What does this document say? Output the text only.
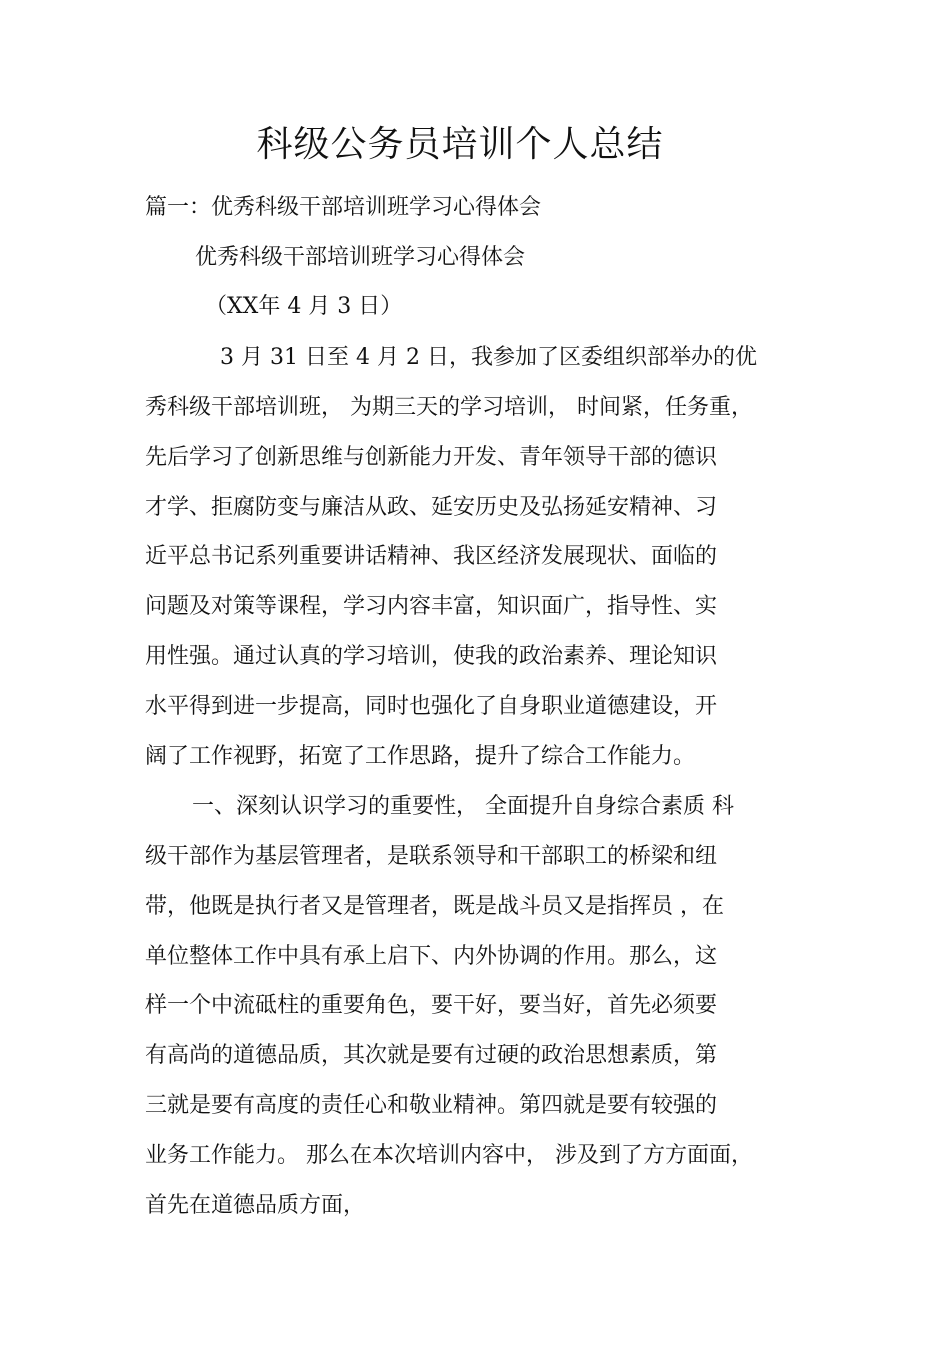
科级公务员培训个人总结
篇一：优秀科级干部培训班学习心得体会
优秀科级干部培训班学习心得体会
（XX年 4 月 3 日）
3 月 31 日至 4 月 2 日，我参加了区委组织部举办的优
秀科级干部培训班， 为期三天的学习培训， 时间紧，任务重，
先后学习了创新思维与创新能力开发、青年领导干部的德识
才学、拒腐防变与廉洁从政、延安历史及弘扬延安精神、习
近平总书记系列重要讲话精神、我区经济发展现状、面临的
问题及对策等课程，学习内容丰富，知识面广，指导性、实
用性强。通过认真的学习培训，使我的政治素养、理论知识
水平得到进一步提高，同时也强化了自身职业道德建设，开
阔了工作视野，拓宽了工作思路，提升了综合工作能力。
一、深刻认识学习的重要性， 全面提升自身综合素质 科
级干部作为基层管理者，是联系领导和干部职工的桥梁和纽
带，他既是执行者又是管理者，既是战斗员又是指挥员 ，在
单位整体工作中具有承上启下、内外协调的作用。那么，这
样一个中流砥柱的重要角色，要干好，要当好，首先必须要
有高尚的道德品质，其次就是要有过硬的政治思想素质，第
三就是要有高度的责任心和敬业精神。第四就是要有较强的
业务工作能力。 那么在本次培训内容中， 涉及到了方方面面，
首先在道德品质方面，
